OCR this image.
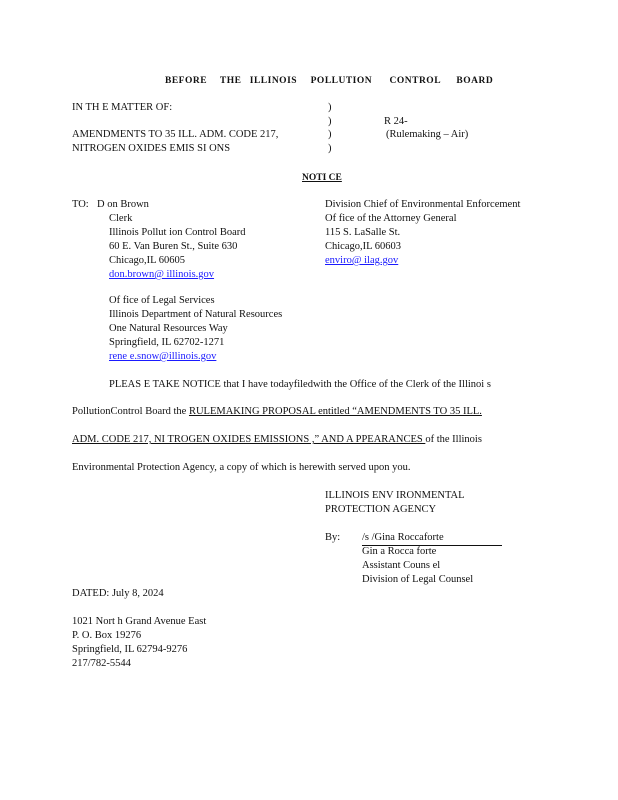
BEFORE THE ILLINOIS POLLUTION CONTROL BOARD
IN TH E MATTER OF:
AMENDMENTS TO 35 ILL. ADM. CODE 217,
NITROGEN OXIDES EMIS SI ONS
)
)
)
)
R 24-
(Rulemaking – Air)
NOTI CE
TO: D on Brown
Clerk
Illinois Pollut ion Control Board
60 E. Van Buren St., Suite 630
Chicago,IL 60605
don.brown@ illinois.gov
Division Chief of Environmental Enforcement
Of fice of the Attorney General
115 S. LaSalle St.
Chicago,IL 60603
enviro@ ilag.gov
Of fice of Legal Services
Illinois Department of Natural Resources
One Natural Resources Way
Springfield, IL 62702-1271
rene e.snow@illinois.gov
PLEAS E TAKE NOTICE that I have todayfiledwith the Office of the Clerk of the Illinoi s
PollutionControl Board the RULEMAKING PROPOSAL entitled “AMENDMENTS TO 35 ILL.
ADM. CODE 217, NI TROGEN OXIDES EMISSIONS ,” AND A PPEARANCES of the Illinois
Environmental Protection Agency, a copy of which is herewith served upon you.
ILLINOIS ENV IRONMENTAL
PROTECTION AGENCY
By: /s /Gina Roccaforte
Gin a Rocca forte
Assistant Couns el
Division of Legal Counsel
DATED: July 8, 2024
1021 Nort h Grand Avenue East
P. O. Box 19276
Springfield, IL 62794-9276
217/782-5544
